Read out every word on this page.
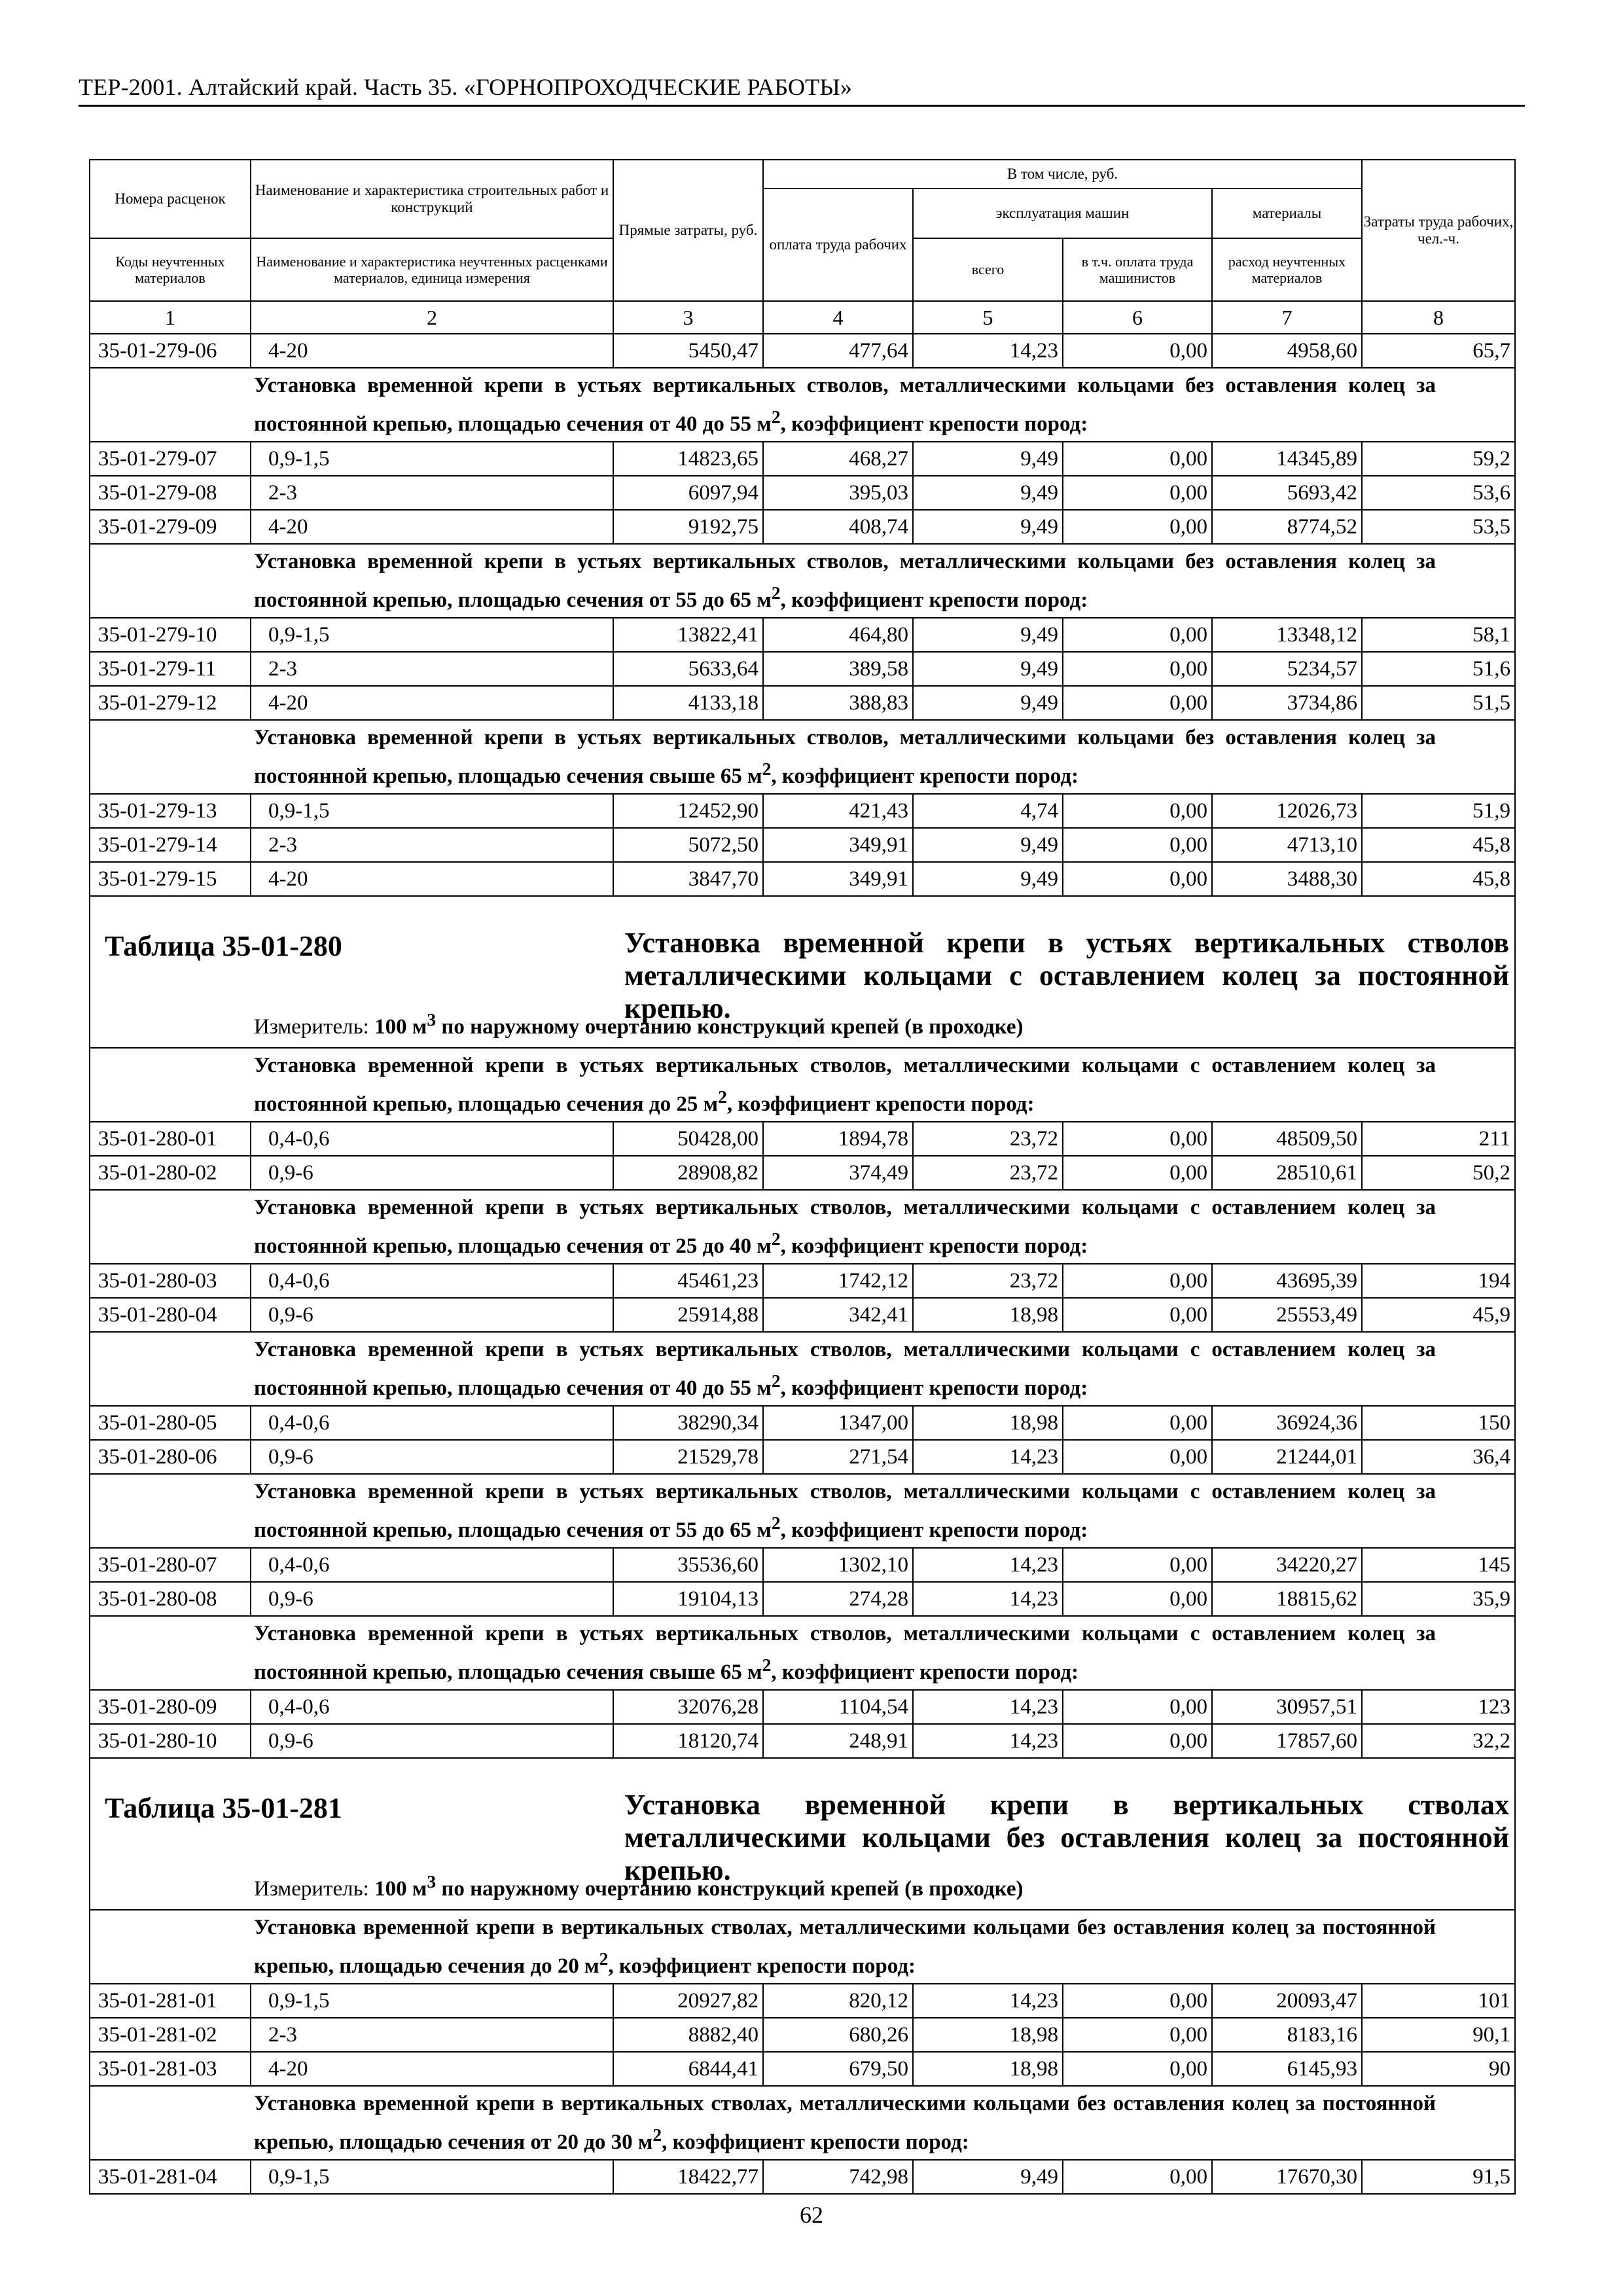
ТЕР-2001. Алтайский край. Часть 35. «ГОРНОПРОХОДЧЕСКИЕ РАБОТЫ»
Номера расценок	Наименование и характеристика строительных работ и конструкций	Прямые затраты, руб.	В том числе, руб.				Затраты труда рабочих, чел.-ч.
			оплата труда рабочих	эксплуатация машин		материалы	
Коды неучтенных материалов	Наименование и характеристика неучтенных расценками материалов, единица измерения			всего	в т.ч. оплата труда машинистов	расход неучтенных материалов	
1	2	3	4	5	6	7	8
35-01-279-06	4-20	5450,47	477,64	14,23	0,00	4958,60	65,7
Установка временной крепи в устьях вертикальных стволов, металлическими кольцами без оставления колец за постоянной крепью, площадью сечения от 40 до 55 $м^2$, коэффициент крепости пород:							
35-01-279-07	0,9-1,5	14823,65	468,27	9,49	0,00	14345,89	59,2
35-01-279-08	2-3	6097,94	395,03	9,49	0,00	5693,42	53,6
35-01-279-09	4-20	9192,75	408,74	9,49	0,00	8774,52	53,5
Установка временной крепи в устьях вертикальных стволов, металлическими кольцами без оставления колец за постоянной крепью, площадью сечения от 55 до 65 $м^2$, коэффициент крепости пород:							
35-01-279-10	0,9-1,5	13822,41	464,80	9,49	0,00	13348,12	58,1
35-01-279-11	2-3	5633,64	389,58	9,49	0,00	5234,57	51,6
35-01-279-12	4-20	4133,18	388,83	9,49	0,00	3734,86	51,5
Установка временной крепи в устьях вертикальных стволов, металлическими кольцами без оставления колец за постоянной крепью, площадью сечения свыше 65 $м^2$, коэффициент крепости пород:							
35-01-279-13	0,9-1,5	12452,90	421,43	4,74	0,00	12026,73	51,9
35-01-279-14	2-3	5072,50	349,91	9,49	0,00	4713,10	45,8
35-01-279-15	4-20	3847,70	349,91	9,49	0,00	3488,30	45,8

Таблица 35-01-280 Установка временной крепи в устьях вертикальных стволов металлическими кольцами с оставлением колец за постоянной крепью.
Измеритель: 100 $м^3$ по наружному очертанию конструкций крепей (в проходке)							

Установка временной крепи в устьях вертикальных стволов, металлическими кольцами с оставлением колец за постоянной крепью, площадью сечения до 25 $м^2$, коэффициент крепости пород:							
35-01-280-01	0,4-0,6	50428,00	1894,78	23,72	0,00	48509,50	211
35-01-280-02	0,9-6	28908,82	374,49	23,72	0,00	28510,61	50,2
Установка временной крепи в устьях вертикальных стволов, металлическими кольцами с оставлением колец за постоянной крепью, площадью сечения от 25 до 40 $м^2$, коэффициент крепости пород:							
35-01-280-03	0,4-0,6	45461,23	1742,12	23,72	0,00	43695,39	194
35-01-280-04	0,9-6	25914,88	342,41	18,98	0,00	25553,49	45,9
Установка временной крепи в устьях вертикальных стволов, металлическими кольцами с оставлением колец за постоянной крепью, площадью сечения от 40 до 55 $м^2$, коэффициент крепости пород:							
35-01-280-05	0,4-0,6	38290,34	1347,00	18,98	0,00	36924,36	150
35-01-280-06	0,9-6	21529,78	271,54	14,23	0,00	21244,01	36,4
Установка временной крепи в устьях вертикальных стволов, металлическими кольцами с оставлением колец за постоянной крепью, площадью сечения от 55 до 65 $м^2$, коэффициент крепости пород:							
35-01-280-07	0,4-0,6	35536,60	1302,10	14,23	0,00	34220,27	145
35-01-280-08	0,9-6	19104,13	274,28	14,23	0,00	18815,62	35,9
Установка временной крепи в устьях вертикальных стволов, металлическими кольцами с оставлением колец за постоянной крепью, площадью сечения свыше 65 $м^2$, коэффициент крепости пород:							
35-01-280-09	0,4-0,6	32076,28	1104,54	14,23	0,00	30957,51	123
35-01-280-10	0,9-6	18120,74	248,91	14,23	0,00	17857,60	32,2

Таблица 35-01-281 Установка временной крепи в вертикальных стволах металлическими кольцами без оставления колец за постоянной крепью.
Измеритель: 100 $м^3$ по наружному очертанию конструкций крепей (в проходке)							

Установка временной крепи в вертикальных стволах, металлическими кольцами без оставления колец за постоянной крепью, площадью сечения до 20 $м^2$, коэффициент крепости пород:							
35-01-281-01	0,9-1,5	20927,82	820,12	14,23	0,00	20093,47	101
35-01-281-02	2-3	8882,40	680,26	18,98	0,00	8183,16	90,1
35-01-281-03	4-20	6844,41	679,50	18,98	0,00	6145,93	90
Установка временной крепи в вертикальных стволах, металлическими кольцами без оставления колец за постоянной крепью, площадью сечения от 20 до 30 $м^2$, коэффициент крепости пород:							
35-01-281-04	0,9-1,5	18422,77	742,98	9,49	0,00	17670,30	91,5
62
